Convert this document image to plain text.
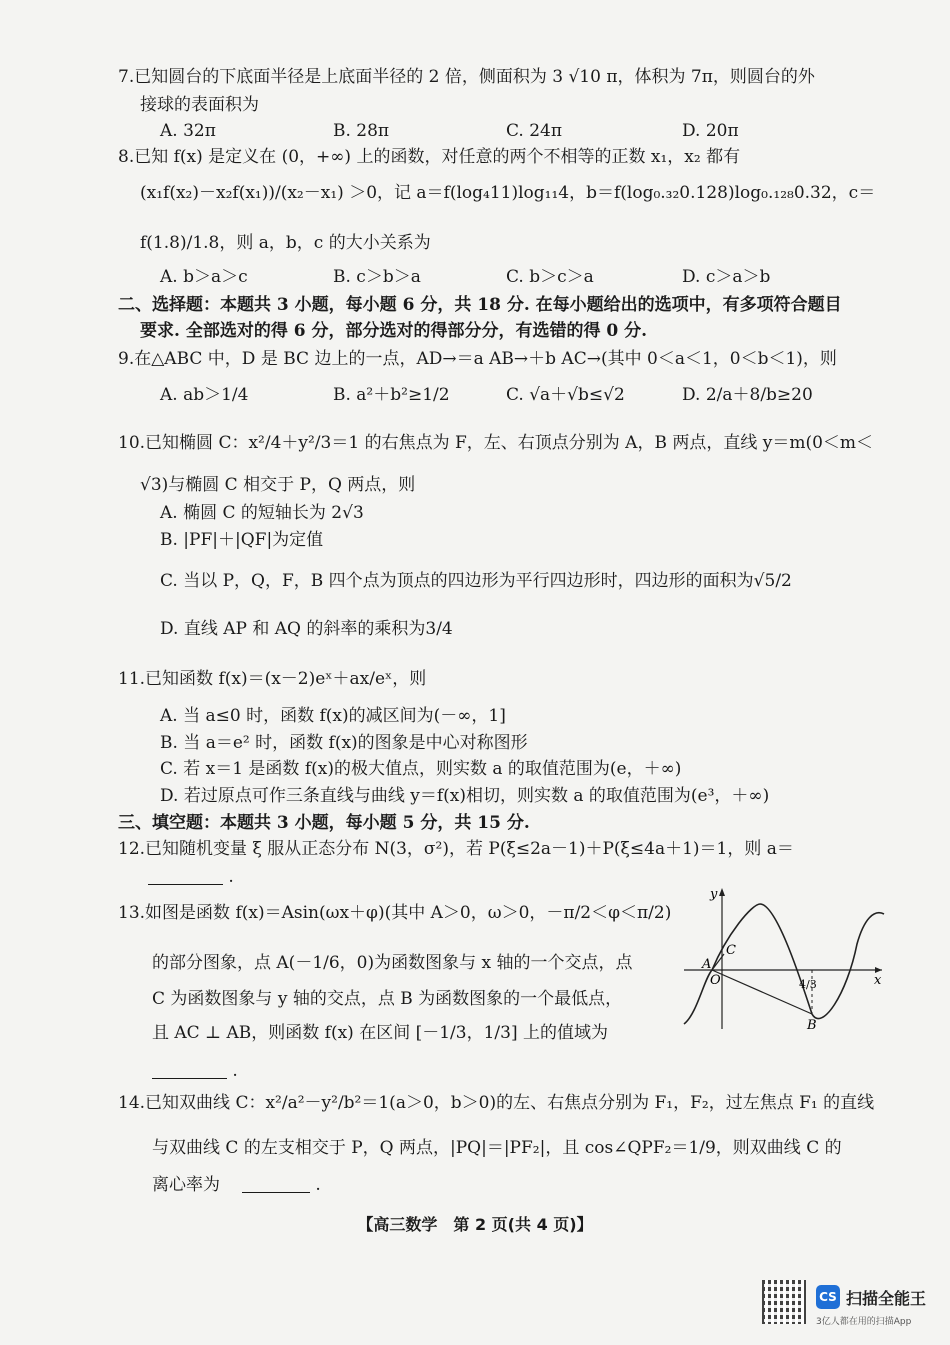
7.已知圆台的下底面半径是上底面半径的 2 倍，侧面积为 3 √10 π，体积为 7π，则圆台的外
接球的表面积为
A. 32π	B. 28π	C. 24π	D. 20π
8.已知 f(x) 是定义在 (0，+∞) 上的函数，对任意的两个不相等的正数 x₁，x₂ 都有
(x₁f(x₂)－x₂f(x₁))/(x₂－x₁) ＞0，记 a＝f(log₄11)log₁₁4，b＝f(log₀.₃₂0.128)log₀.₁₂₈0.32，c＝
f(1.8)/1.8，则 a，b，c 的大小关系为
A. b＞a＞c	B. c＞b＞a	C. b＞c＞a	D. c＞a＞b
二、选择题：本题共 3 小题，每小题 6 分，共 18 分. 在每小题给出的选项中，有多项符合题目
要求. 全部选对的得 6 分，部分选对的得部分分，有选错的得 0 分.
9.在△ABC 中，D 是 BC 边上的一点，AD→＝a AB→＋b AC→(其中 0＜a＜1，0＜b＜1)，则
A. ab＞1/4	B. a²＋b²≥1/2	C. √a＋√b≤√2	D. 2/a＋8/b≥20
10.已知椭圆 C：x²/4＋y²/3＝1 的右焦点为 F，左、右顶点分别为 A，B 两点，直线 y＝m(0＜m＜
√3)与椭圆 C 相交于 P，Q 两点，则
A. 椭圆 C 的短轴长为 2√3
B. |PF|＋|QF|为定值
C. 当以 P，Q，F，B 四个点为顶点的四边形为平行四边形时，四边形的面积为√5/2
D. 直线 AP 和 AQ 的斜率的乘积为3/4
11.已知函数 f(x)＝(x－2)eˣ＋ax/eˣ，则
A. 当 a≤0 时，函数 f(x)的减区间为(－∞，1]
B. 当 a＝e² 时，函数 f(x)的图象是中心对称图形
C. 若 x＝1 是函数 f(x)的极大值点，则实数 a 的取值范围为(e，＋∞)
D. 若过原点可作三条直线与曲线 y＝f(x)相切，则实数 a 的取值范围为(e³，＋∞)
三、填空题：本题共 3 小题，每小题 5 分，共 15 分.
12.已知随机变量 ξ 服从正态分布 N(3，σ²)，若 P(ξ≤2a－1)＋P(ξ≤4a＋1)＝1，则 a＝
13.如图是函数 f(x)＝Asin(ωx＋φ)(其中 A＞0，ω＞0，－π/2＜φ＜π/2)
的部分图象，点 A(－1/6，0)为函数图象与 x 轴的一个交点，点
C 为函数图象与 y 轴的交点，点 B 为函数图象的一个最低点，
且 AC ⊥ AB，则函数 f(x) 在区间 [－1/3，1/3] 上的值域为
14.已知双曲线 C：x²/a²－y²/b²＝1(a＞0，b＞0)的左、右焦点分别为 F₁，F₂，过左焦点 F₁ 的直线
与双曲线 C 的左支相交于 P，Q 两点，|PQ|＝|PF₂|，且 cos∠QPF₂＝1/9，则双曲线 C 的
离心率为
.
.
.
y
x
A
O
C
B
4/3
【高三数学　第 2 页(共 4 页)】
CS 扫描全能王
3亿人都在用的扫描App
